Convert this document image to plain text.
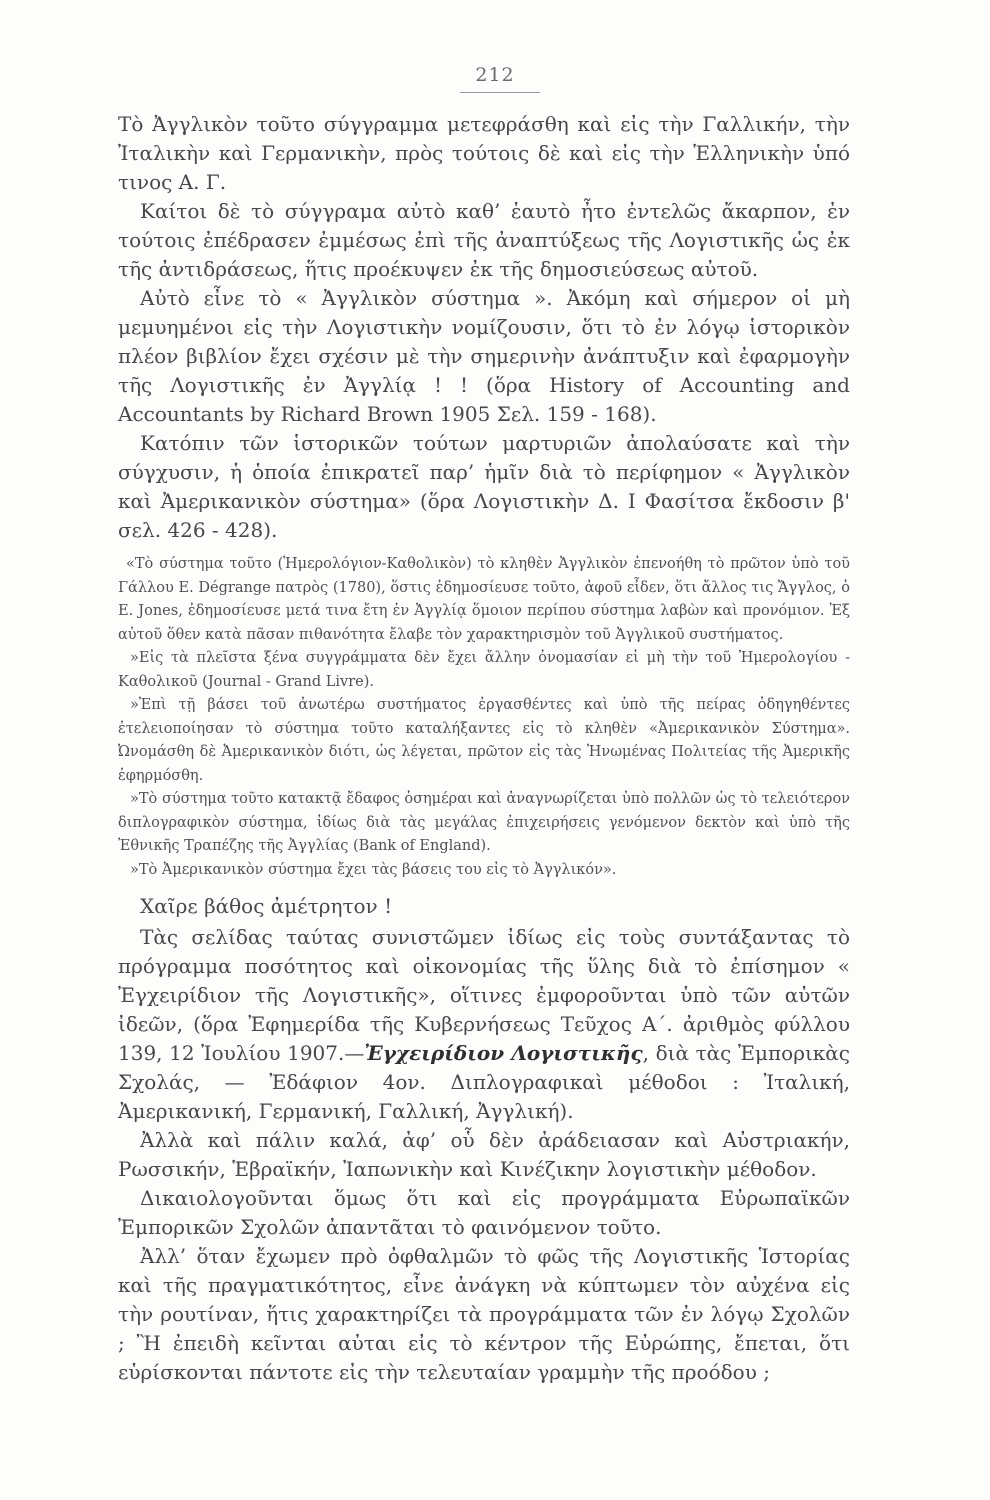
212

Τὸ Ἀγγλικὸν τοῦτο σύγγραμμα μετεφράσθη καὶ εἰς τὴν Γαλλικήν, τὴν Ἰταλικὴν καὶ Γερμανικὴν, πρὸς τούτοις δὲ καὶ εἰς τὴν Ἑλληνικὴν ὑπό τινος Α. Γ.

Καίτοι δὲ τὸ σύγγραμα αὐτὸ καθ’ ἑαυτὸ ἦτο ἐντελῶς ἄκαρπον, ἐν τούτοις ἐπέδρασεν ἐμμέσως ἐπὶ τῆς ἀναπτύξεως τῆς Λογιστικῆς ὡς ἐκ τῆς ἀντιδράσεως, ἥτις προέκυψεν ἐκ τῆς δημοσιεύσεως αὐτοῦ.

Αὐτὸ εἶνε τὸ « Ἀγγλικὸν σύστημα ». Ἀκόμη καὶ σήμερον οἱ μὴ μεμυημένοι εἰς τὴν Λογιστικὴν νομίζουσιν, ὅτι τὸ ἐν λόγῳ ἱστορικὸν πλέον βιβλίον ἔχει σχέσιν μὲ τὴν σημερινὴν ἀνάπτυξιν καὶ ἐφαρμογὴν τῆς Λογιστικῆς ἐν Ἀγγλίᾳ ! ! (ὅρα History of Accounting and Accountants by Richard Brown 1905 Σελ. 159 - 168).

Κατόπιν τῶν ἱστορικῶν τούτων μαρτυριῶν ἀπολαύσατε καὶ τὴν σύγχυσιν, ἡ ὁποία ἐπικρατεῖ παρ’ ἡμῖν διὰ τὸ περίφημον « Ἀγγλικὸν καὶ Ἀμερικανικὸν σύστημα» (ὅρα Λογιστικὴν Δ. Ι Φασίτσα ἔκδοσιν β' σελ. 426 - 428).

«Τὸ σύστημα τοῦτο (Ἡμερολόγιον-Καθολικὸν) τὸ κληθὲν Ἀγγλικὸν ἐπενοήθη τὸ πρῶτον ὑπὸ τοῦ Γάλλου Ε. Dégrange πατρὸς (1780), ὅστις ἐδημοσίευσε τοῦτο, ἀφοῦ εἶδεν, ὅτι ἄλλος τις Ἄγγλος, ὁ Ε. Jones, ἐδημοσίευσε μετά τινα ἔτη ἐν Ἀγγλίᾳ ὅμοιον περίπου σύστημα λαβὼν καὶ προνόμιον. Ἐξ αὐτοῦ ὅθεν κατὰ πᾶσαν πιθανότητα ἔλαβε τὸν χαρακτηρισμὸν τοῦ Ἀγγλικοῦ συστήματος.

»Εἰς τὰ πλεῖστα ξένα συγγράμματα δὲν ἔχει ἄλλην ὀνομασίαν εἰ μὴ τὴν τοῦ Ἡμερολογίου - Καθολικοῦ (Journal - Grand Livre).

»Ἐπὶ τῇ βάσει τοῦ ἀνωτέρω συστήματος ἐργασθέντες καὶ ὑπὸ τῆς πείρας ὁδηγηθέντες ἐτελειοποίησαν τὸ σύστημα τοῦτο καταλήξαντες εἰς τὸ κληθὲν «Ἀμερικανικὸν Σύστημα». Ὠνομάσθη δὲ Ἀμερικανικὸν διότι, ὡς λέγεται, πρῶτον εἰς τὰς Ἡνωμένας Πολιτείας τῆς Ἀμερικῆς ἐφηρμόσθη.

»Τὸ σύστημα τοῦτο κατακτᾷ ἔδαφος ὁσημέραι καὶ ἀναγνωρίζεται ὑπὸ πολλῶν ὡς τὸ τελειότερον διπλογραφικὸν σύστημα, ἰδίως διὰ τὰς μεγάλας ἐπιχειρήσεις γενόμενον δεκτὸν καὶ ὑπὸ τῆς Ἐθνικῆς Τραπέζης τῆς Ἀγγλίας (Bank of England).

»Τὸ Ἀμερικανικὸν σύστημα ἔχει τὰς βάσεις του εἰς τὸ Ἀγγλικόν».

Χαῖρε βάθος ἀμέτρητον !

Τὰς σελίδας ταύτας συνιστῶμεν ἰδίως εἰς τοὺς συντάξαντας τὸ πρόγραμμα ποσότητος καὶ οἰκονομίας τῆς ὕλης διὰ τὸ ἐπίσημον « Ἐγχειρίδιον τῆς Λογιστικῆς», οἵτινες ἐμφοροῦνται ὑπὸ τῶν αὐτῶν ἰδεῶν, (ὅρα Ἐφημερίδα τῆς Κυβερνήσεως Τεῦχος Α΄. ἀριθμὸς φύλλου 139, 12 Ἰουλίου 1907.—Ἐγχειρίδιον Λογιστικῆς, διὰ τὰς Ἐμπορικὰς Σχολάς, — Ἐδάφιον 4ον. Διπλογραφικαὶ μέθοδοι : Ἰταλική, Ἀμερικανική, Γερμανική, Γαλλική, Ἀγγλική).

Ἀλλὰ καὶ πάλιν καλά, ἀφ’ οὗ δὲν ἀράδειασαν καὶ Αὐστριακήν, Ρωσσικήν, Ἑβραϊκήν, Ἰαπωνικὴν καὶ Κινέζικην λογιστικὴν μέθοδον.

Δικαιολογοῦνται ὅμως ὅτι καὶ εἰς προγράμματα Εὐρωπαϊκῶν Ἐμπορικῶν Σχολῶν ἀπαντᾶται τὸ φαινόμενον τοῦτο.

Ἀλλ’ ὅταν ἔχωμεν πρὸ ὀφθαλμῶν τὸ φῶς τῆς Λογιστικῆς Ἱστορίας καὶ τῆς πραγματικότητος, εἶνε ἀνάγκη νὰ κύπτωμεν τὸν αὐχένα εἰς τὴν ρουτίναν, ἥτις χαρακτηρίζει τὰ προγράμματα τῶν ἐν λόγῳ Σχολῶν ; Ἢ ἐπειδὴ κεῖνται αὐται εἰς τὸ κέντρον τῆς Εὐρώπης, ἔπεται, ὅτι εὑρίσκονται πάντοτε εἰς τὴν τελευταίαν γραμμὴν τῆς προόδου ;
